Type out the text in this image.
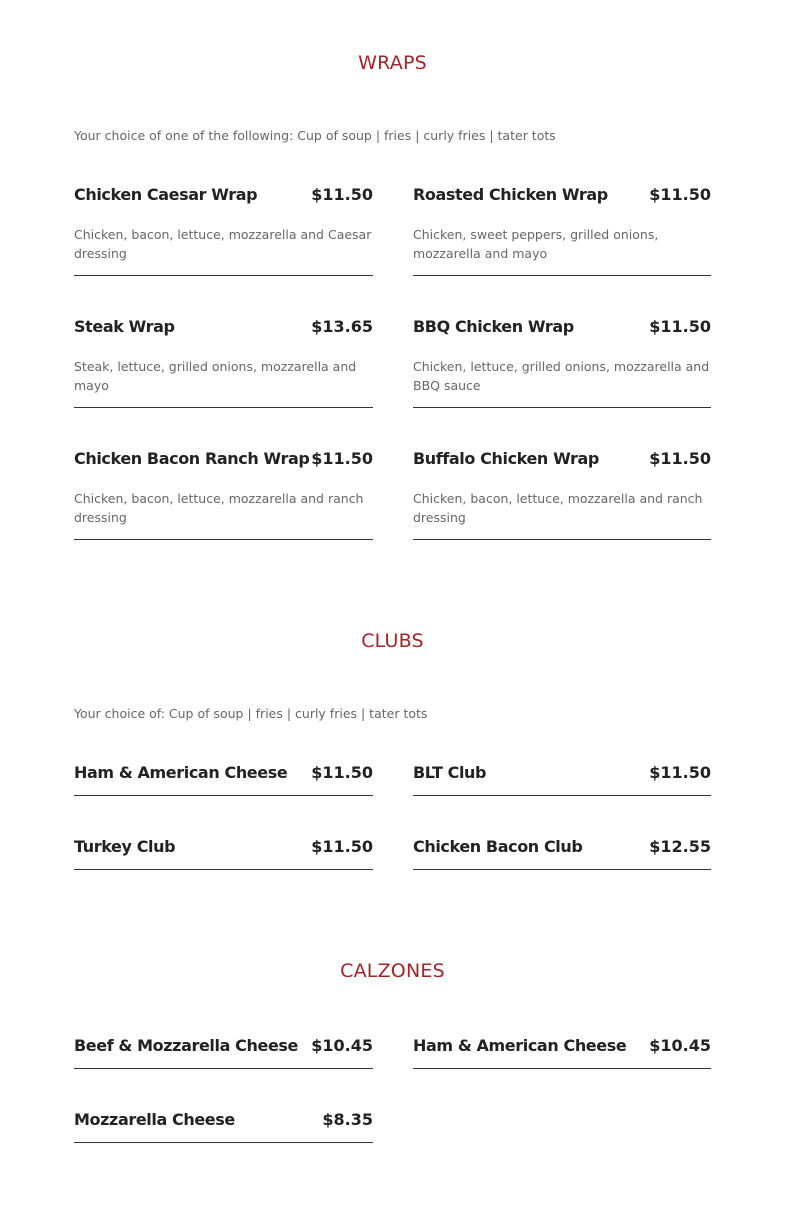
WRAPS
Your choice of one of the following: Cup of soup | fries | curly fries | tater tots
Chicken Caesar Wrap	$11.50
Chicken, bacon, lettuce, mozzarella and Caesar dressing
Roasted Chicken Wrap	$11.50
Chicken, sweet peppers, grilled onions, mozzarella and mayo
Steak Wrap	$13.65
Steak, lettuce, grilled onions, mozzarella and mayo
BBQ Chicken Wrap	$11.50
Chicken, lettuce, grilled onions, mozzarella and BBQ sauce
Chicken Bacon Ranch Wrap $11.50
Chicken, bacon, lettuce, mozzarella and ranch dressing
Buffalo Chicken Wrap	$11.50
Chicken, bacon, lettuce, mozzarella and ranch dressing
CLUBS
Your choice of: Cup of soup | fries | curly fries | tater tots
Ham & American Cheese $11.50	BLT Club	$11.50
Turkey Club	$11.50	Chicken Bacon Club	$12.55
CALZONES
Beef & Mozzarella Cheese $10.45	Ham & American Cheese $10.45
Mozzarella Cheese	$8.35
